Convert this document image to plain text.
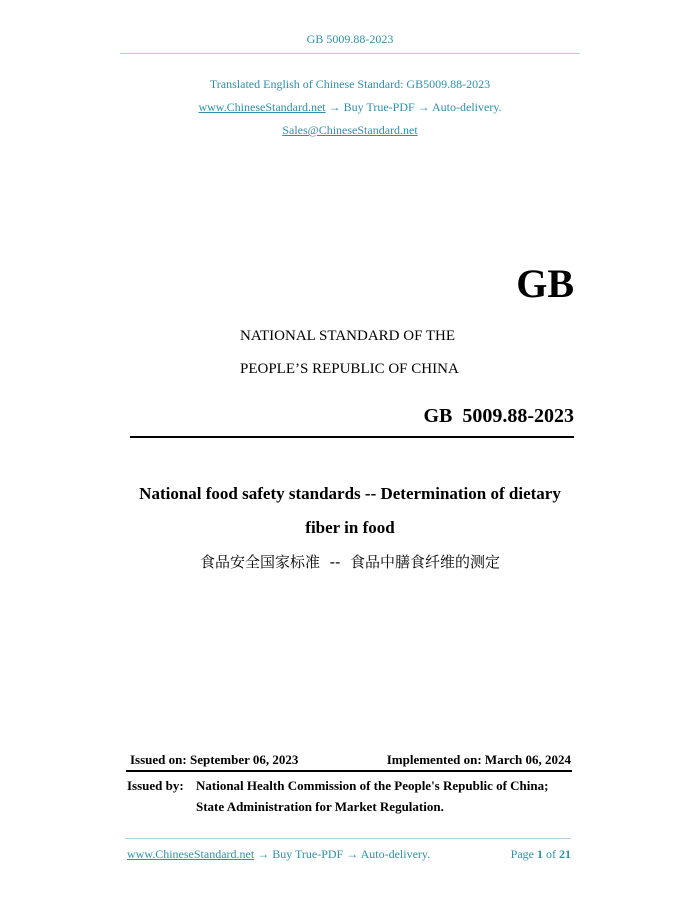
GB 5009.88-2023
Translated English of Chinese Standard: GB5009.88-2023
www.ChineseStandard.net → Buy True-PDF → Auto-delivery.
Sales@ChineseStandard.net
GB
NATIONAL STANDARD OF THE
PEOPLE’S REPUBLIC OF CHINA
GB  5009.88-2023
National food safety standards -- Determination of dietary
fiber in food
食品安全国家标准  --  食品中膳食纤维的测定
Issued on: September 06, 2023	Implemented on: March 06, 2024
Issued by: National Health Commission of the People's Republic of China;
State Administration for Market Regulation.
www.ChineseStandard.net → Buy True-PDF → Auto-delivery.	Page 1 of 21
